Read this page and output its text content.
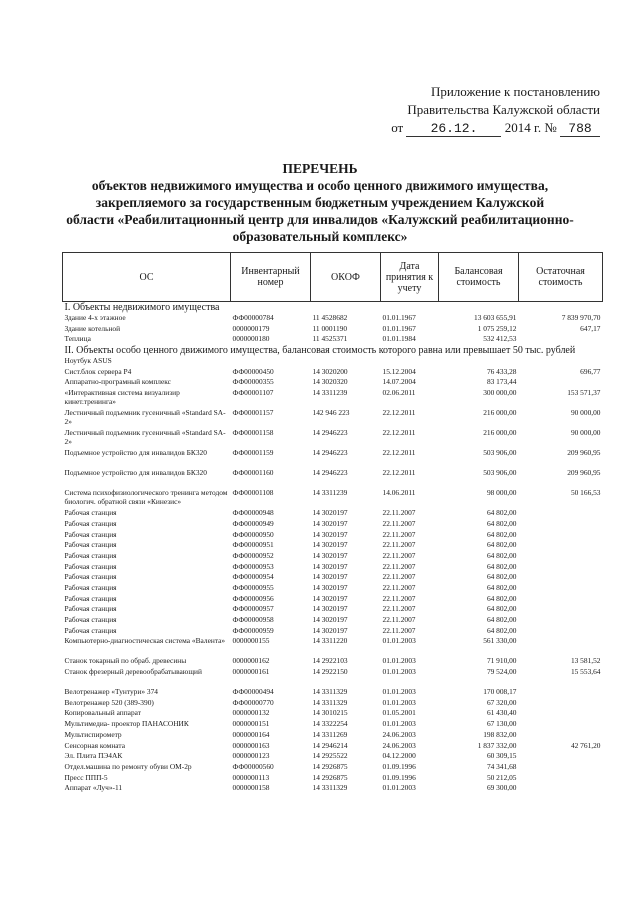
Приложение к постановлению
Правительства Калужской области
от 26.12. 2014 г. № 788
ПЕРЕЧЕНЬ
объектов недвижимого имущества и особо ценного движимого имущества,
закрепляемого за государственным бюджетным учреждением Калужской
области «Реабилитационный центр для инвалидов «Калужский реабилитационно-
образовательный комплекс»
ОС	Инвентарный номер	ОКОФ	Дата принятия к учету	Балансовая стоимость	Остаточная стоимость
I. Объекты недвижимого имущества					
Здание 4-х этажное	ФФ00000784	11 4528682	01.01.1967	13 603 655,91	7 839 970,70
Здание котельной	0000000179	11 0001190	01.01.1967	1 075 259,12	647,17
Теплица	0000000180	11 4525371	01.01.1984	532 412,53	
II. Объекты особо ценного движимого имущества, балансовая стоимость которого равна или превышает 50 тыс. рублей					
Ноутбук ASUS					
Сист.блок сервера Р4	ФФ00000450	14 3020200	15.12.2004	76 433,28	696,77
Аппаратно-програмный комплекс	ФФ00000355	14 3020320	14.07.2004	83 173,44	
«Интерактивная система визуализир кинет.тренинга»	ФФ00001107	14 3311239	02.06.2011	300 000,00	153 571,37
Лестничный подъемник гусеничный «Standard SA-2»	ФФ00001157	142 946 223	22.12.2011	216 000,00	90 000,00
Лестничный подъемник гусеничный «Standard SA-2»	ФФ00001158	14 2946223	22.12.2011	216 000,00	90 000,00
Подъемное устройство для инвалидов БК320	ФФ00001159	14 2946223	22.12.2011	503 906,00	209 960,95
Подъемное устройство для инвалидов БК320	ФФ00001160	14 2946223	22.12.2011	503 906,00	209 960,95
Система психофизиологического тренинга методом биологич. обратной связи «Кинезис»	ФФ00001108	14 3311239	14.06.2011	98 000,00	50 166,53
Рабочая станция	ФФ00000948	14 3020197	22.11.2007	64 802,00	
Рабочая станция	ФФ00000949	14 3020197	22.11.2007	64 802,00	
Рабочая станция	ФФ00000950	14 3020197	22.11.2007	64 802,00	
Рабочая станция	ФФ00000951	14 3020197	22.11.2007	64 802,00	
Рабочая станция	ФФ00000952	14 3020197	22.11.2007	64 802,00	
Рабочая станция	ФФ00000953	14 3020197	22.11.2007	64 802,00	
Рабочая станция	ФФ00000954	14 3020197	22.11.2007	64 802,00	
Рабочая станция	ФФ00000955	14 3020197	22.11.2007	64 802,00	
Рабочая станция	ФФ00000956	14 3020197	22.11.2007	64 802,00	
Рабочая станция	ФФ00000957	14 3020197	22.11.2007	64 802,00	
Рабочая станция	ФФ00000958	14 3020197	22.11.2007	64 802,00	
Рабочая станция	ФФ00000959	14 3020197	22.11.2007	64 802,00	
Компьютерно-диагностическая система «Валента»	0000000155	14 3311220	01.01.2003	561 330,00	
Станок токарный по обраб. древесины	0000000162	14 2922103	01.01.2003	71 910,00	13 581,52
Станок фрезерный деревообрабатывающий	0000000161	14 2922150	01.01.2003	79 524,00	15 553,64
Велотренажер «Тунтури» 374	ФФ00000494	14 3311329	01.01.2003	170 008,17	
Велотренажер 520 (389-390)	ФФ00000770	14 3311329	01.01.2003	67 320,00	
Копировальный аппарат	0000000132	14 3010215	01.05.2001	61 430,40	
Мультимедиа- проектор ПАНАСОНИК	0000000151	14 3322254	01.01.2003	67 130,00	
Мультиспирометр	0000000164	14 3311269	24.06.2003	198 832,00	
Сенсорная комната	0000000163	14 2946214	24.06.2003	1 837 332,00	42 761,20
Эл. Плита ПЭ4АК	0000000123	14 2925522	04.12.2000	60 309,15	
Отдел.машина по ремонту обуви ОМ-2р	ФФ00000560	14 2926875	01.09.1996	74 341,68	
Пресс ППП-5	0000000113	14 2926875	01.09.1996	50 212,05	
Аппарат «Луч»-11	0000000158	14 3311329	01.01.2003	69 300,00	
